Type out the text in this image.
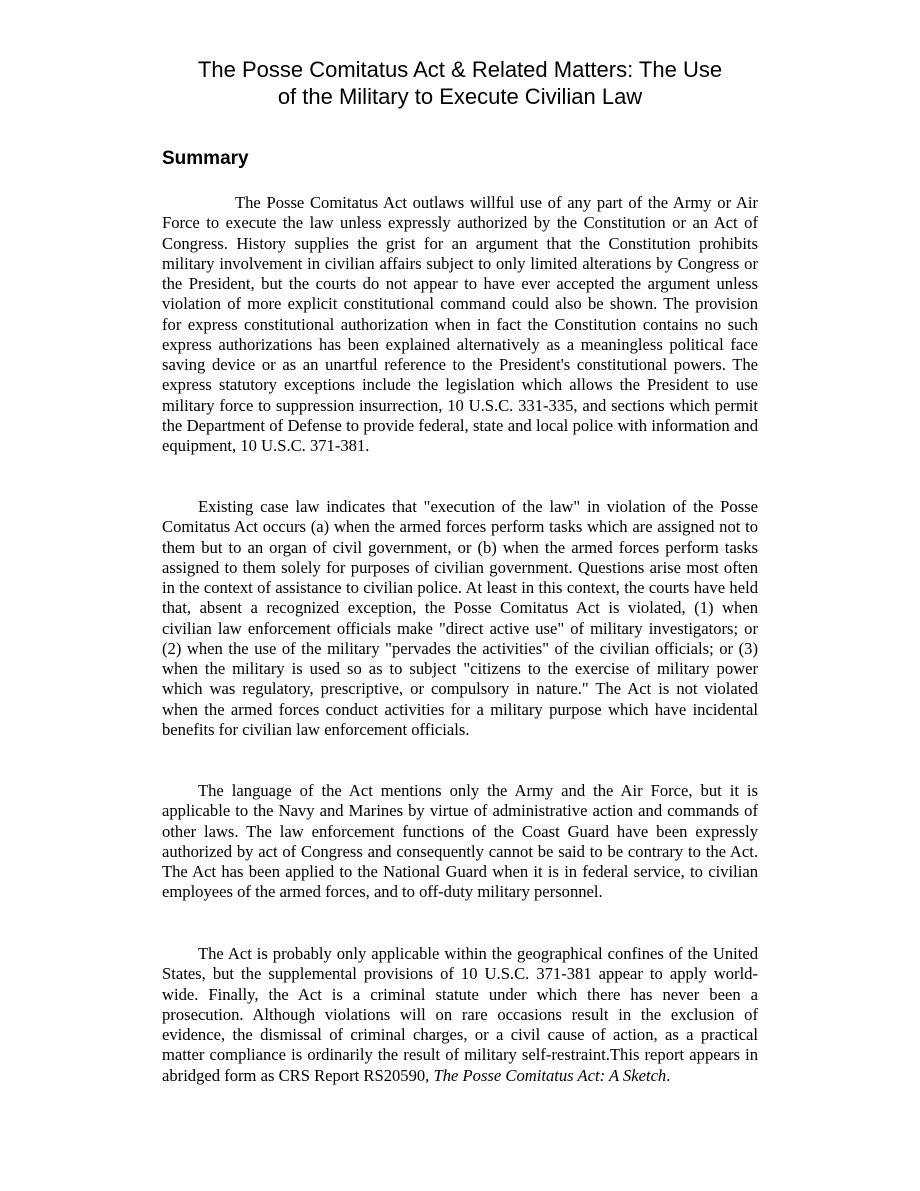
The Posse Comitatus Act & Related Matters: The Use
of the Military to Execute Civilian Law
Summary

The Posse Comitatus Act outlaws willful use of any part of the Army or Air Force to execute the law unless expressly authorized by the Constitution or an Act of Congress. History supplies the grist for an argument that the Constitution prohibits military involvement in civilian affairs subject to only limited alterations by Congress or the President, but the courts do not appear to have ever accepted the argument unless violation of more explicit constitutional command could also be shown. The provision for express constitutional authorization when in fact the Constitution contains no such express authorizations has been explained alternatively as a meaningless political face saving device or as an unartful reference to the President's constitutional powers. The express statutory exceptions include the legislation which allows the President to use military force to suppression insurrection, 10 U.S.C. 331-335, and sections which permit the Department of Defense to provide federal, state and local police with information and equipment, 10 U.S.C. 371-381.

Existing case law indicates that "execution of the law" in violation of the Posse Comitatus Act occurs (a) when the armed forces perform tasks which are assigned not to them but to an organ of civil government, or (b) when the armed forces perform tasks assigned to them solely for purposes of civilian government. Questions arise most often in the context of assistance to civilian police. At least in this context, the courts have held that, absent a recognized exception, the Posse Comitatus Act is violated, (1) when civilian law enforcement officials make "direct active use" of military investigators; or (2) when the use of the military "pervades the activities" of the civilian officials; or (3) when the military is used so as to subject "citizens to the exercise of military power which was regulatory, prescriptive, or compulsory in nature." The Act is not violated when the armed forces conduct activities for a military purpose which have incidental benefits for civilian law enforcement officials.

The language of the Act mentions only the Army and the Air Force, but it is applicable to the Navy and Marines by virtue of administrative action and commands of other laws. The law enforcement functions of the Coast Guard have been expressly authorized by act of Congress and consequently cannot be said to be contrary to the Act. The Act has been applied to the National Guard when it is in federal service, to civilian employees of the armed forces, and to off-duty military personnel.

The Act is probably only applicable within the geographical confines of the United States, but the supplemental provisions of 10 U.S.C. 371-381 appear to apply world-wide. Finally, the Act is a criminal statute under which there has never been a prosecution. Although violations will on rare occasions result in the exclusion of evidence, the dismissal of criminal charges, or a civil cause of action, as a practical matter compliance is ordinarily the result of military self-restraint.This report appears in abridged form as CRS Report RS20590, The Posse Comitatus Act: A Sketch.
